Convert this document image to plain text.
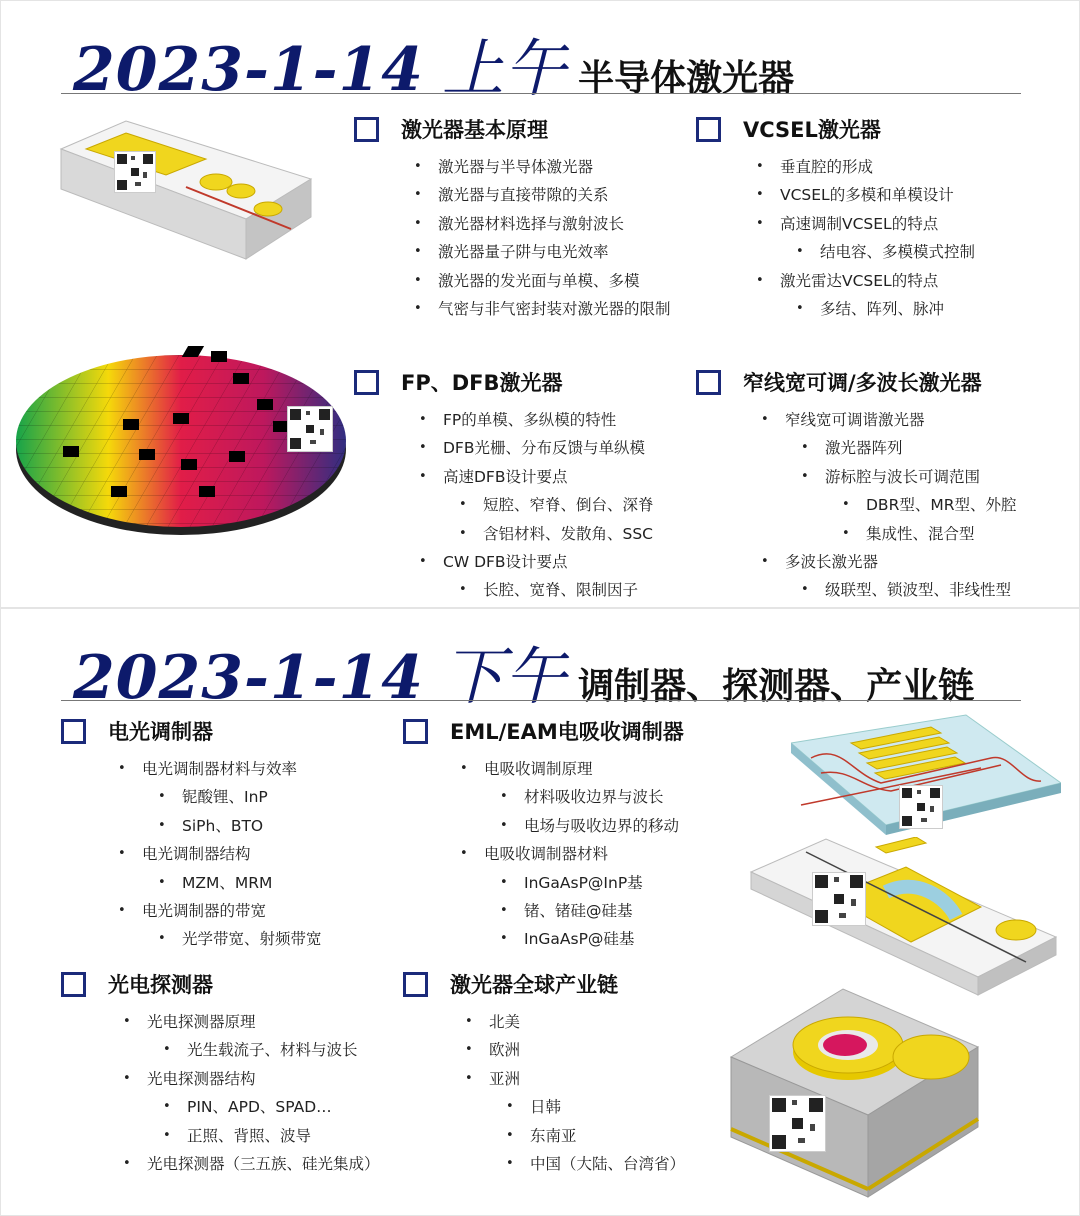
2023-1-14 上午 半导体激光器
激光器基本原理
• 激光器与半导体激光器
• 激光器与直接带隙的关系
• 激光器材料选择与激射波长
• 激光器量子阱与电光效率
• 激光器的发光面与单模、多模
• 气密与非气密封装对激光器的限制
VCSEL激光器
• 垂直腔的形成
• VCSEL的多模和单模设计
• 高速调制VCSEL的特点
• 结电容、多模模式控制
• 激光雷达VCSEL的特点
• 多结、阵列、脉冲
FP、DFB激光器
• FP的单模、多纵模的特性
• DFB光栅、分布反馈与单纵模
• 高速DFB设计要点
• 短腔、窄脊、倒台、深脊
• 含铝材料、发散角、SSC
• CW DFB设计要点
• 长腔、宽脊、限制因子
窄线宽可调/多波长激光器
• 窄线宽可调谐激光器
• 激光器阵列
• 游标腔与波长可调范围
• DBR型、MR型、外腔
• 集成性、混合型
• 多波长激光器
• 级联型、锁波型、非线性型
2023-1-14 下午 调制器、探测器、产业链
电光调制器
• 电光调制器材料与效率
• 铌酸锂、InP
• SiPh、BTO
• 电光调制器结构
• MZM、MRM
• 电光调制器的带宽
• 光学带宽、射频带宽
EML/EAM电吸收调制器
• 电吸收调制原理
• 材料吸收边界与波长
• 电场与吸收边界的移动
• 电吸收调制器材料
• InGaAsP@InP基
• 锗、锗硅@硅基
• InGaAsP@硅基
光电探测器
• 光电探测器原理
• 光生载流子、材料与波长
• 光电探测器结构
• PIN、APD、SPAD…
• 正照、背照、波导
• 光电探测器（三五族、硅光集成）
激光器全球产业链
• 北美
• 欧洲
• 亚洲
• 日韩
• 东南亚
• 中国（大陆、台湾省）
